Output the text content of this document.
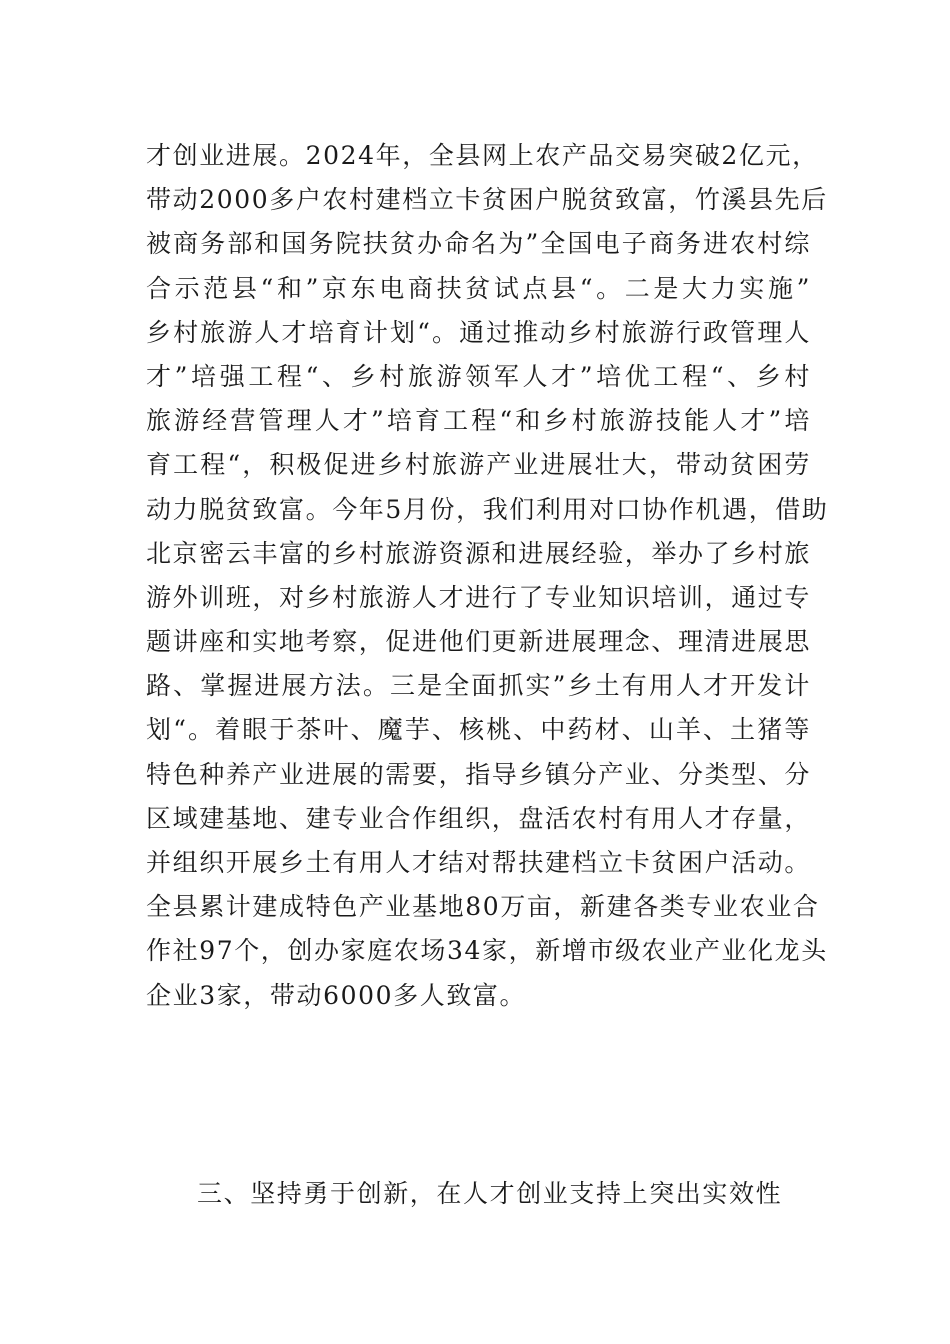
才创业进展。2024年，全县网上农产品交易突破2亿元，
带动2000多户农村建档立卡贫困户脱贫致富，竹溪县先后
被商务部和国务院扶贫办命名为”全国电子商务进农村综
合示范县“和”京东电商扶贫试点县“。二是大力实施”
乡村旅游人才培育计划“。通过推动乡村旅游行政管理人
才”培强工程“、乡村旅游领军人才”培优工程“、乡村
旅游经营管理人才”培育工程“和乡村旅游技能人才”培
育工程“，积极促进乡村旅游产业进展壮大，带动贫困劳
动力脱贫致富。今年5月份，我们利用对口协作机遇，借助
北京密云丰富的乡村旅游资源和进展经验，举办了乡村旅
游外训班，对乡村旅游人才进行了专业知识培训，通过专
题讲座和实地考察，促进他们更新进展理念、理清进展思
路、掌握进展方法。三是全面抓实”乡土有用人才开发计
划“。着眼于茶叶、魔芋、核桃、中药材、山羊、土猪等
特色种养产业进展的需要，指导乡镇分产业、分类型、分
区域建基地、建专业合作组织，盘活农村有用人才存量，
并组织开展乡土有用人才结对帮扶建档立卡贫困户活动。
全县累计建成特色产业基地80万亩，新建各类专业农业合
作社97个，创办家庭农场34家，新增市级农业产业化龙头
企业3家，带动6000多人致富。
三、坚持勇于创新，在人才创业支持上突出实效性
